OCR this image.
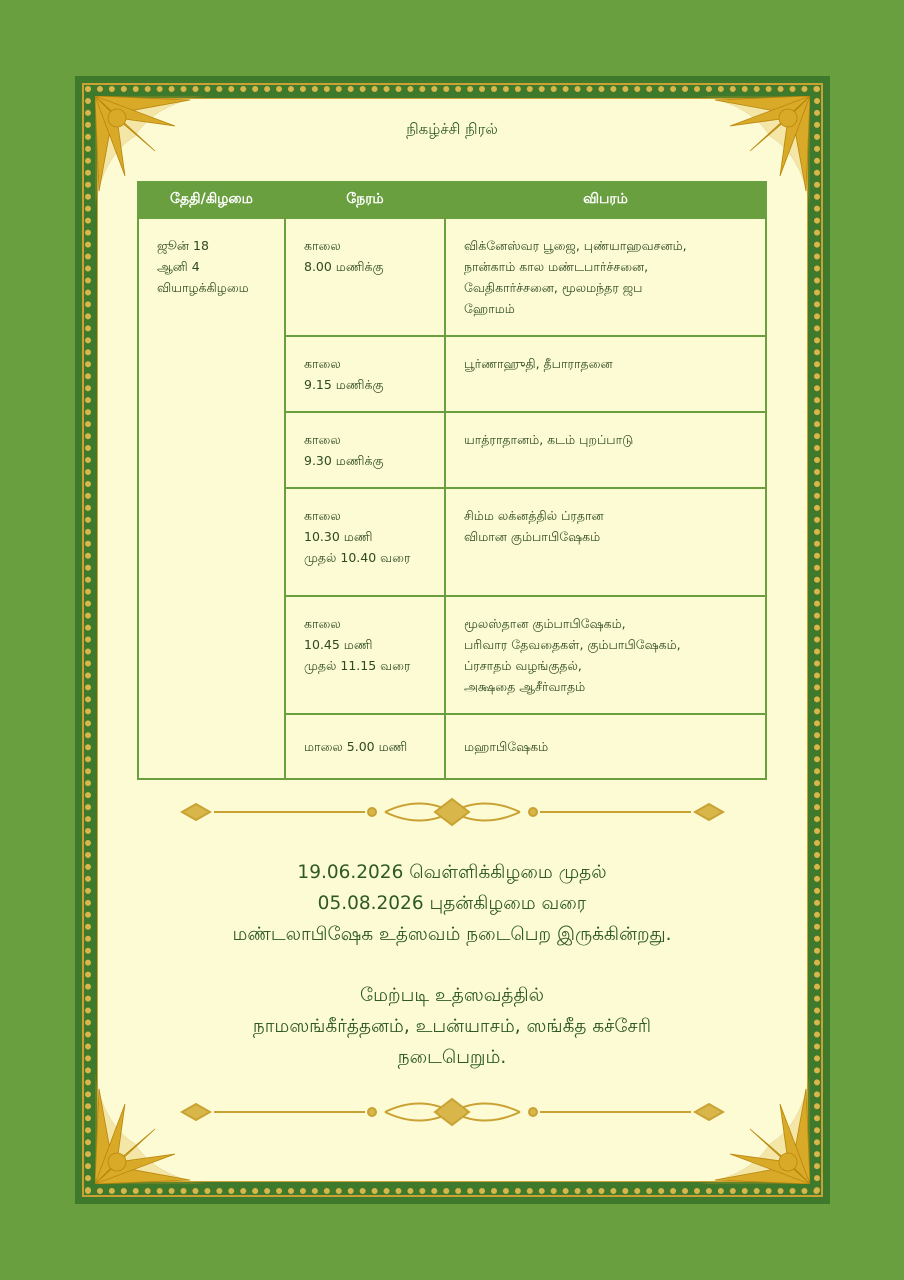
நிகழ்ச்சி நிரல்
தேதி/கிழமை	நேரம்	விபரம்

ஜூன் 18
ஆனி 4
வியாழக்கிழமை	காலை
8.00 மணிக்கு	விக்னேஸ்வர பூஜை, புண்யாஹவசனம்,
நான்காம் கால மண்டபார்ச்சனை,
வேதிகார்ச்சனை, மூலமந்தர ஜப
ஹோமம்

	காலை
9.15 மணிக்கு	பூர்ணாஹுதி, தீபாராதனை

	காலை
9.30 மணிக்கு	யாத்ராதானம், கடம் புறப்பாடு

	காலை
10.30 மணி
முதல் 10.40 வரை	சிம்ம லக்னத்தில் ப்ரதான
விமான கும்பாபிஷேகம்

	காலை
10.45 மணி
முதல் 11.15 வரை	மூலஸ்தான கும்பாபிஷேகம்,
பரிவார தேவதைகள், கும்பாபிஷேகம்,
ப்ரசாதம் வழங்குதல்,
அக்ஷதை ஆசீர்வாதம்

	மாலை 5.00 மணி	மஹாபிஷேகம்
19.06.2026 வெள்ளிக்கிழமை முதல்
05.08.2026 புதன்கிழமை வரை
மண்டலாபிஷேக உத்ஸவம் நடைபெற இருக்கின்றது.
மேற்படி உத்ஸவத்தில்
நாமஸங்கீர்த்தனம், உபன்யாசம், ஸங்கீத கச்சேரி
நடைபெறும்.
